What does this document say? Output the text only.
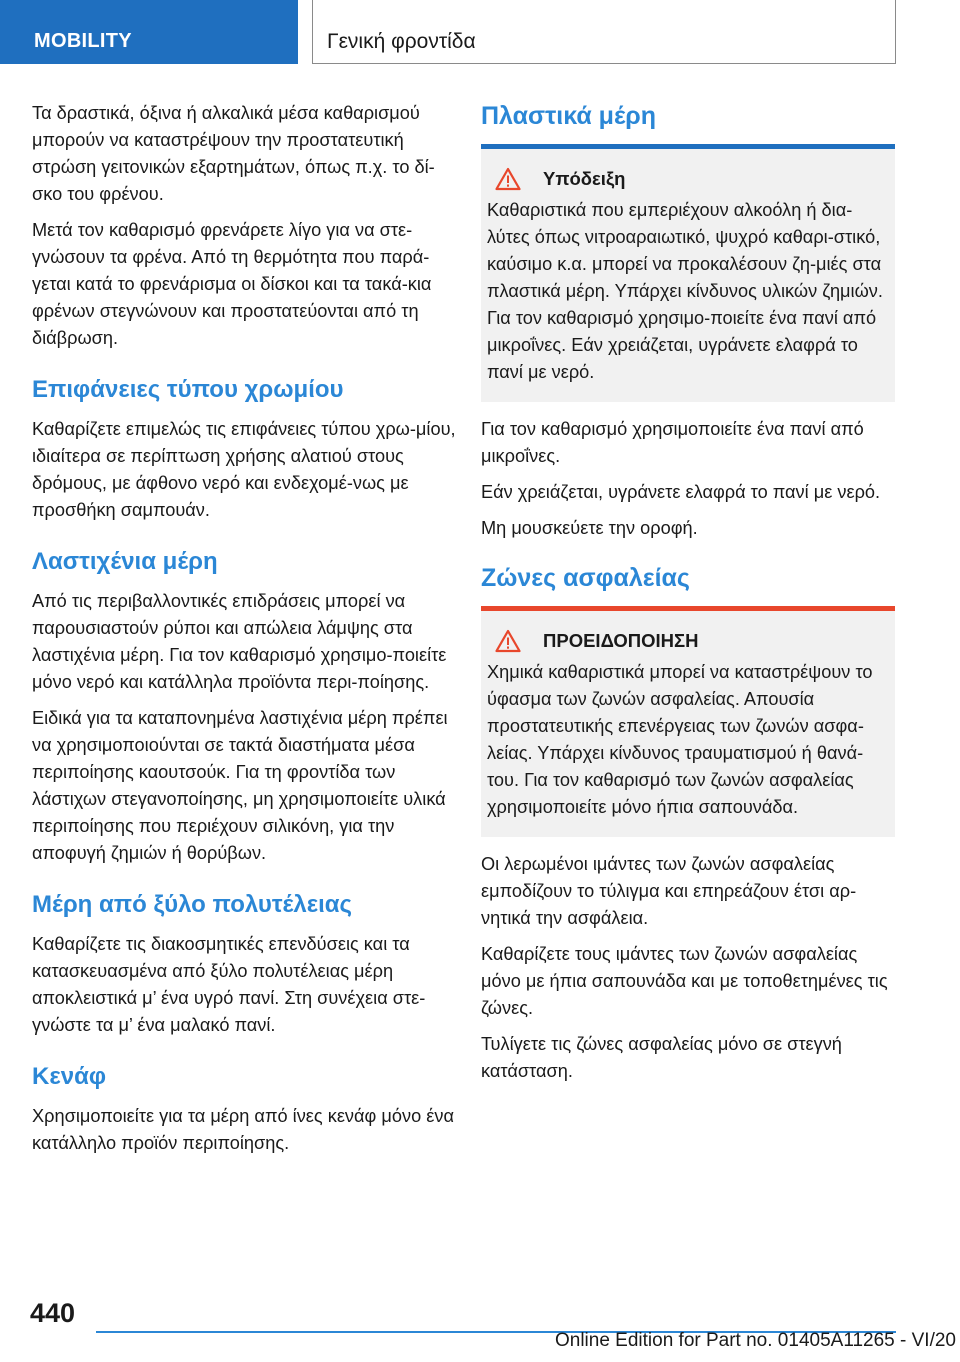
MOBILITY	Γενική φροντίδα

Τα δραστικά, όξινα ή αλκαλικά μέσα καθαρισμού μπορούν να καταστρέψουν την προστατευτική στρώση γειτονικών εξαρτημάτων, όπως π.χ. το δί-σκο του φρένου.

Μετά τον καθαρισμό φρενάρετε λίγο για να στε-γνώσουν τα φρένα. Από τη θερμότητα που παρά-γεται κατά το φρενάρισμα οι δίσκοι και τα τακά-κια φρένων στεγνώνουν και προστατεύονται από τη διάβρωση.

Επιφάνειες τύπου χρωμίου

Καθαρίζετε επιμελώς τις επιφάνειες τύπου χρω-μίου, ιδιαίτερα σε περίπτωση χρήσης αλατιού στους δρόμους, με άφθονο νερό και ενδεχομέ-νως με προσθήκη σαμπουάν.

Λαστιχένια μέρη

Από τις περιβαλλοντικές επιδράσεις μπορεί να παρουσιαστούν ρύποι και απώλεια λάμψης στα λαστιχένια μέρη. Για τον καθαρισμό χρησιμο-ποιείτε μόνο νερό και κατάλληλα προϊόντα περι-ποίησης.

Ειδικά για τα καταπονημένα λαστιχένια μέρη πρέπει να χρησιμοποιούνται σε τακτά διαστήματα μέσα περιποίησης καουτσούκ. Για τη φροντίδα των λάστιχων στεγανοποίησης, μη χρησιμοποιείτε υλικά περιποίησης που περιέχουν σιλικόνη, για την αποφυγή ζημιών ή θορύβων.

Μέρη από ξύλο πολυτέλειας

Καθαρίζετε τις διακοσμητικές επενδύσεις και τα κατασκευασμένα από ξύλο πολυτέλειας μέρη αποκλειστικά μ’ ένα υγρό πανί. Στη συνέχεια στε-γνώστε τα μ’ ένα μαλακό πανί.

Κενάφ

Χρησιμοποιείτε για τα μέρη από ίνες κενάφ μόνο ένα κατάλληλο προϊόν περιποίησης.

Πλαστικά μέρη
Υπόδειξη

Καθαριστικά που εμπεριέχουν αλκοόλη ή δια-λύτες όπως νιτροαραιωτικό, ψυχρό καθαρι-στικό, καύσιμο κ.α. μπορεί να προκαλέσουν ζη-μιές στα πλαστικά μέρη. Υπάρχει κίνδυνος υλικών ζημιών. Για τον καθαρισμό χρησιμο-ποιείτε ένα πανί από μικροΐνες. Εάν χρειάζεται, υγράνετε ελαφρά το πανί με νερό.

Για τον καθαρισμό χρησιμοποιείτε ένα πανί από μικροΐνες.

Εάν χρειάζεται, υγράνετε ελαφρά το πανί με νερό.

Μη μουσκεύετε την οροφή.

Ζώνες ασφαλείας
ΠΡΟΕΙΔΟΠΟΙΗΣΗ

Χημικά καθαριστικά μπορεί να καταστρέψουν το ύφασμα των ζωνών ασφαλείας. Απουσία προστατευτικής επενέργειας των ζωνών ασφα-λείας. Υπάρχει κίνδυνος τραυματισμού ή θανά-του. Για τον καθαρισμό των ζωνών ασφαλείας χρησιμοποιείτε μόνο ήπια σαπουνάδα.

Οι λερωμένοι ιμάντες των ζωνών ασφαλείας εμποδίζουν το τύλιγμα και επηρεάζουν έτσι αρ-νητικά την ασφάλεια.

Καθαρίζετε τους ιμάντες των ζωνών ασφαλείας μόνο με ήπια σαπουνάδα και με τοποθετημένες τις ζώνες.

Τυλίγετε τις ζώνες ασφαλείας μόνο σε στεγνή κατάσταση.

440
Online Edition for Part no. 01405A11265 - VI/20
